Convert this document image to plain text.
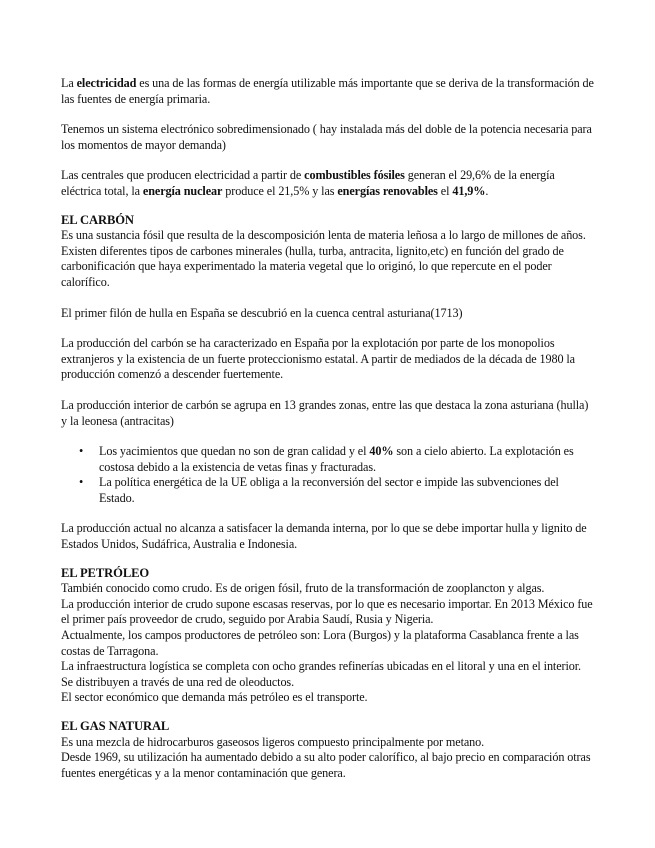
La electricidad es una de las formas de energía utilizable más importante que se deriva de la transformación de las fuentes de energía primaria.

Tenemos un sistema electrónico sobredimensionado ( hay instalada más del doble de la potencia necesaria para los momentos de mayor demanda)

Las centrales que producen electricidad a partir de combustibles fósiles generan el 29,6% de la energía eléctrica total, la energía nuclear produce el 21,5% y las energías renovables el 41,9%.

EL CARBÓN

Es una sustancia fósil que resulta de la descomposición lenta de materia leñosa a lo largo de millones de años. Existen diferentes tipos de carbones minerales (hulla, turba, antracita, lignito,etc) en función del grado de carbonificación que haya experimentado la materia vegetal que lo originó, lo que repercute en el poder calorífico.

El primer filón de hulla en España se descubrió en la cuenca central asturiana(1713)

La producción del carbón se ha caracterizado en España por la explotación por parte de los monopolios extranjeros y la existencia de un fuerte proteccionismo estatal. A partir de mediados de la década de 1980 la producción comenzó a descender fuertemente.

La producción interior de carbón se agrupa en 13 grandes zonas, entre las que destaca la zona asturiana (hulla) y la leonesa (antracitas)

• Los yacimientos que quedan no son de gran calidad y el 40% son a cielo abierto. La explotación es costosa debido a la existencia de vetas finas y fracturadas.
• La política energética de la UE obliga a la reconversión del sector e impide las subvenciones del Estado.

La producción actual no alcanza a satisfacer la demanda interna, por lo que se debe importar hulla y lignito de Estados Unidos, Sudáfrica, Australia e Indonesia.

EL PETRÓLEO

También conocido como crudo. Es de origen fósil, fruto de la transformación de zooplancton y algas.

La producción interior de crudo supone escasas reservas, por lo que es necesario importar. En 2013 México fue el primer país proveedor de crudo, seguido por Arabia Saudí, Rusia y Nigeria.

Actualmente, los campos productores de petróleo son: Lora (Burgos) y la plataforma Casablanca frente a las costas de Tarragona.

La infraestructura logística se completa con ocho grandes refinerías ubicadas en el litoral y una en el interior.

Se distribuyen a través de una red de oleoductos.

El sector económico que demanda más petróleo es el transporte.

EL GAS NATURAL

Es una mezcla de hidrocarburos gaseosos ligeros compuesto principalmente por metano.

Desde 1969, su utilización ha aumentado debido a su alto poder calorífico, al bajo precio en comparación otras fuentes energéticas y a la menor contaminación que genera.
